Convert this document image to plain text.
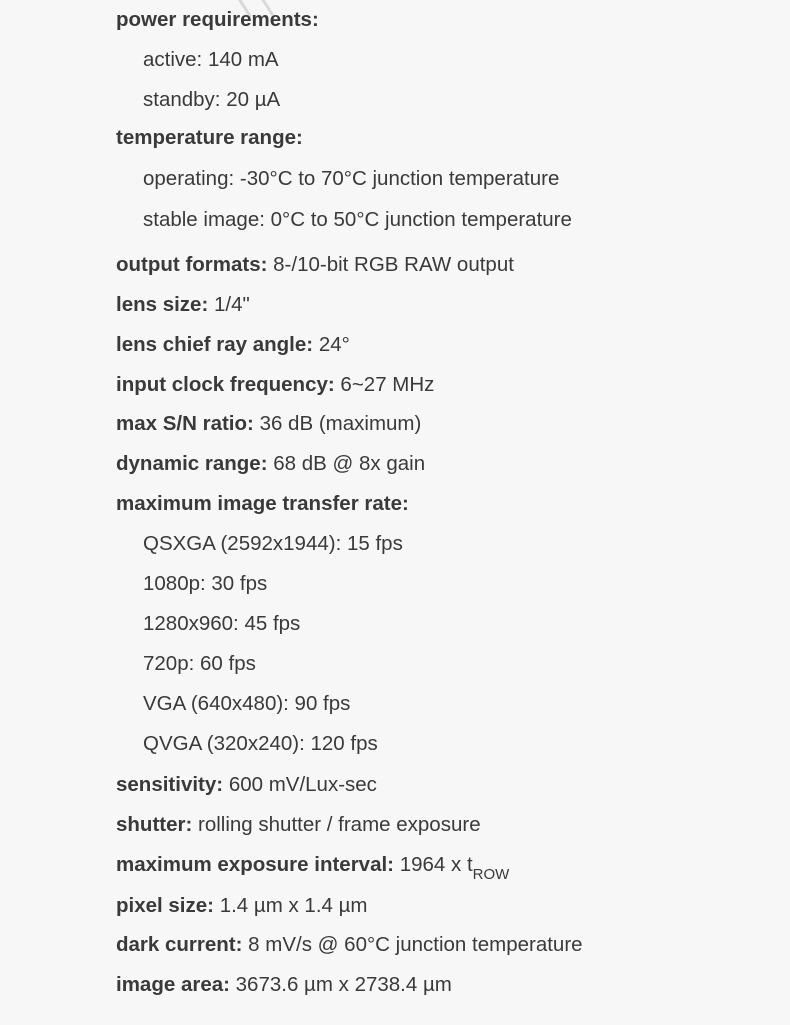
power requirements:
active: 140 mA
standby: 20 µA
temperature range:
operating: -30°C to 70°C junction temperature
stable image: 0°C to 50°C junction temperature
output formats: 8-/10-bit RGB RAW output
lens size: 1/4"
lens chief ray angle: 24°
input clock frequency: 6~27 MHz
max S/N ratio: 36 dB (maximum)
dynamic range: 68 dB @ 8x gain
maximum image transfer rate:
QSXGA (2592x1944): 15 fps
1080p: 30 fps
1280x960: 45 fps
720p: 60 fps
VGA (640x480): 90 fps
QVGA (320x240): 120 fps
sensitivity: 600 mV/Lux-sec
shutter: rolling shutter / frame exposure
maximum exposure interval: 1964 x $t_{ROW}$
pixel size: 1.4 µm x 1.4 µm
dark current: 8 mV/s @ 60°C junction temperature
image area: 3673.6 µm x 2738.4 µm
